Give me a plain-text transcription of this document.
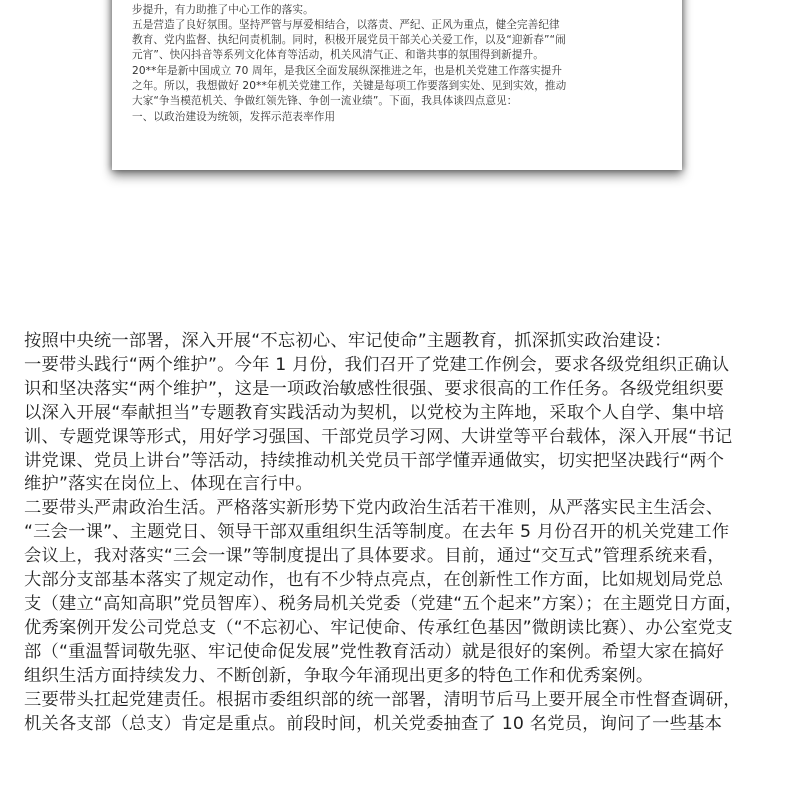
步提升，有力助推了中心工作的落实。
五是营造了良好氛围。坚持严管与厚爱相结合，以落责、严纪、正风为重点，健全完善纪律
教育、党内监督、执纪问责机制。同时，积极开展党员干部关心关爱工作，以及“迎新春”“闹
元宵”、快闪抖音等系列文化体育等活动，机关风清气正、和谐共事的氛围得到新提升。
20**年是新中国成立 70 周年，是我区全面发展纵深推进之年，也是机关党建工作落实提升
之年。所以，我想做好 20**年机关党建工作，关键是每项工作要落到实处、见到实效，推动
大家“争当模范机关、争做红领先锋、争创一流业绩”。下面，我具体谈四点意见：
一、以政治建设为统领，发挥示范表率作用
按照中央统一部署，深入开展“不忘初心、牢记使命”主题教育，抓深抓实政治建设：
一要带头践行“两个维护”。今年 1 月份，我们召开了党建工作例会，要求各级党组织正确认
识和坚决落实“两个维护”，这是一项政治敏感性很强、要求很高的工作任务。各级党组织要
以深入开展“奉献担当”专题教育实践活动为契机，以党校为主阵地，采取个人自学、集中培
训、专题党课等形式，用好学习强国、干部党员学习网、大讲堂等平台载体，深入开展“书记
讲党课、党员上讲台”等活动，持续推动机关党员干部学懂弄通做实，切实把坚决践行“两个
维护”落实在岗位上、体现在言行中。
二要带头严肃政治生活。严格落实新形势下党内政治生活若干准则，从严落实民主生活会、
“三会一课”、主题党日、领导干部双重组织生活等制度。在去年 5 月份召开的机关党建工作
会议上，我对落实“三会一课”等制度提出了具体要求。目前，通过“交互式”管理系统来看，
大部分支部基本落实了规定动作，也有不少特点亮点，在创新性工作方面，比如规划局党总
支（建立“高知高职”党员智库）、税务局机关党委（党建“五个起来”方案）；在主题党日方面，
优秀案例开发公司党总支（“不忘初心、牢记使命、传承红色基因”微朗读比赛）、办公室党支
部（“重温誓词敬先驱、牢记使命促发展”党性教育活动）就是很好的案例。希望大家在搞好
组织生活方面持续发力、不断创新，争取今年涌现出更多的特色工作和优秀案例。
三要带头扛起党建责任。根据市委组织部的统一部署，清明节后马上要开展全市性督查调研，
机关各支部（总支）肯定是重点。前段时间，机关党委抽查了 10 名党员，询问了一些基本
